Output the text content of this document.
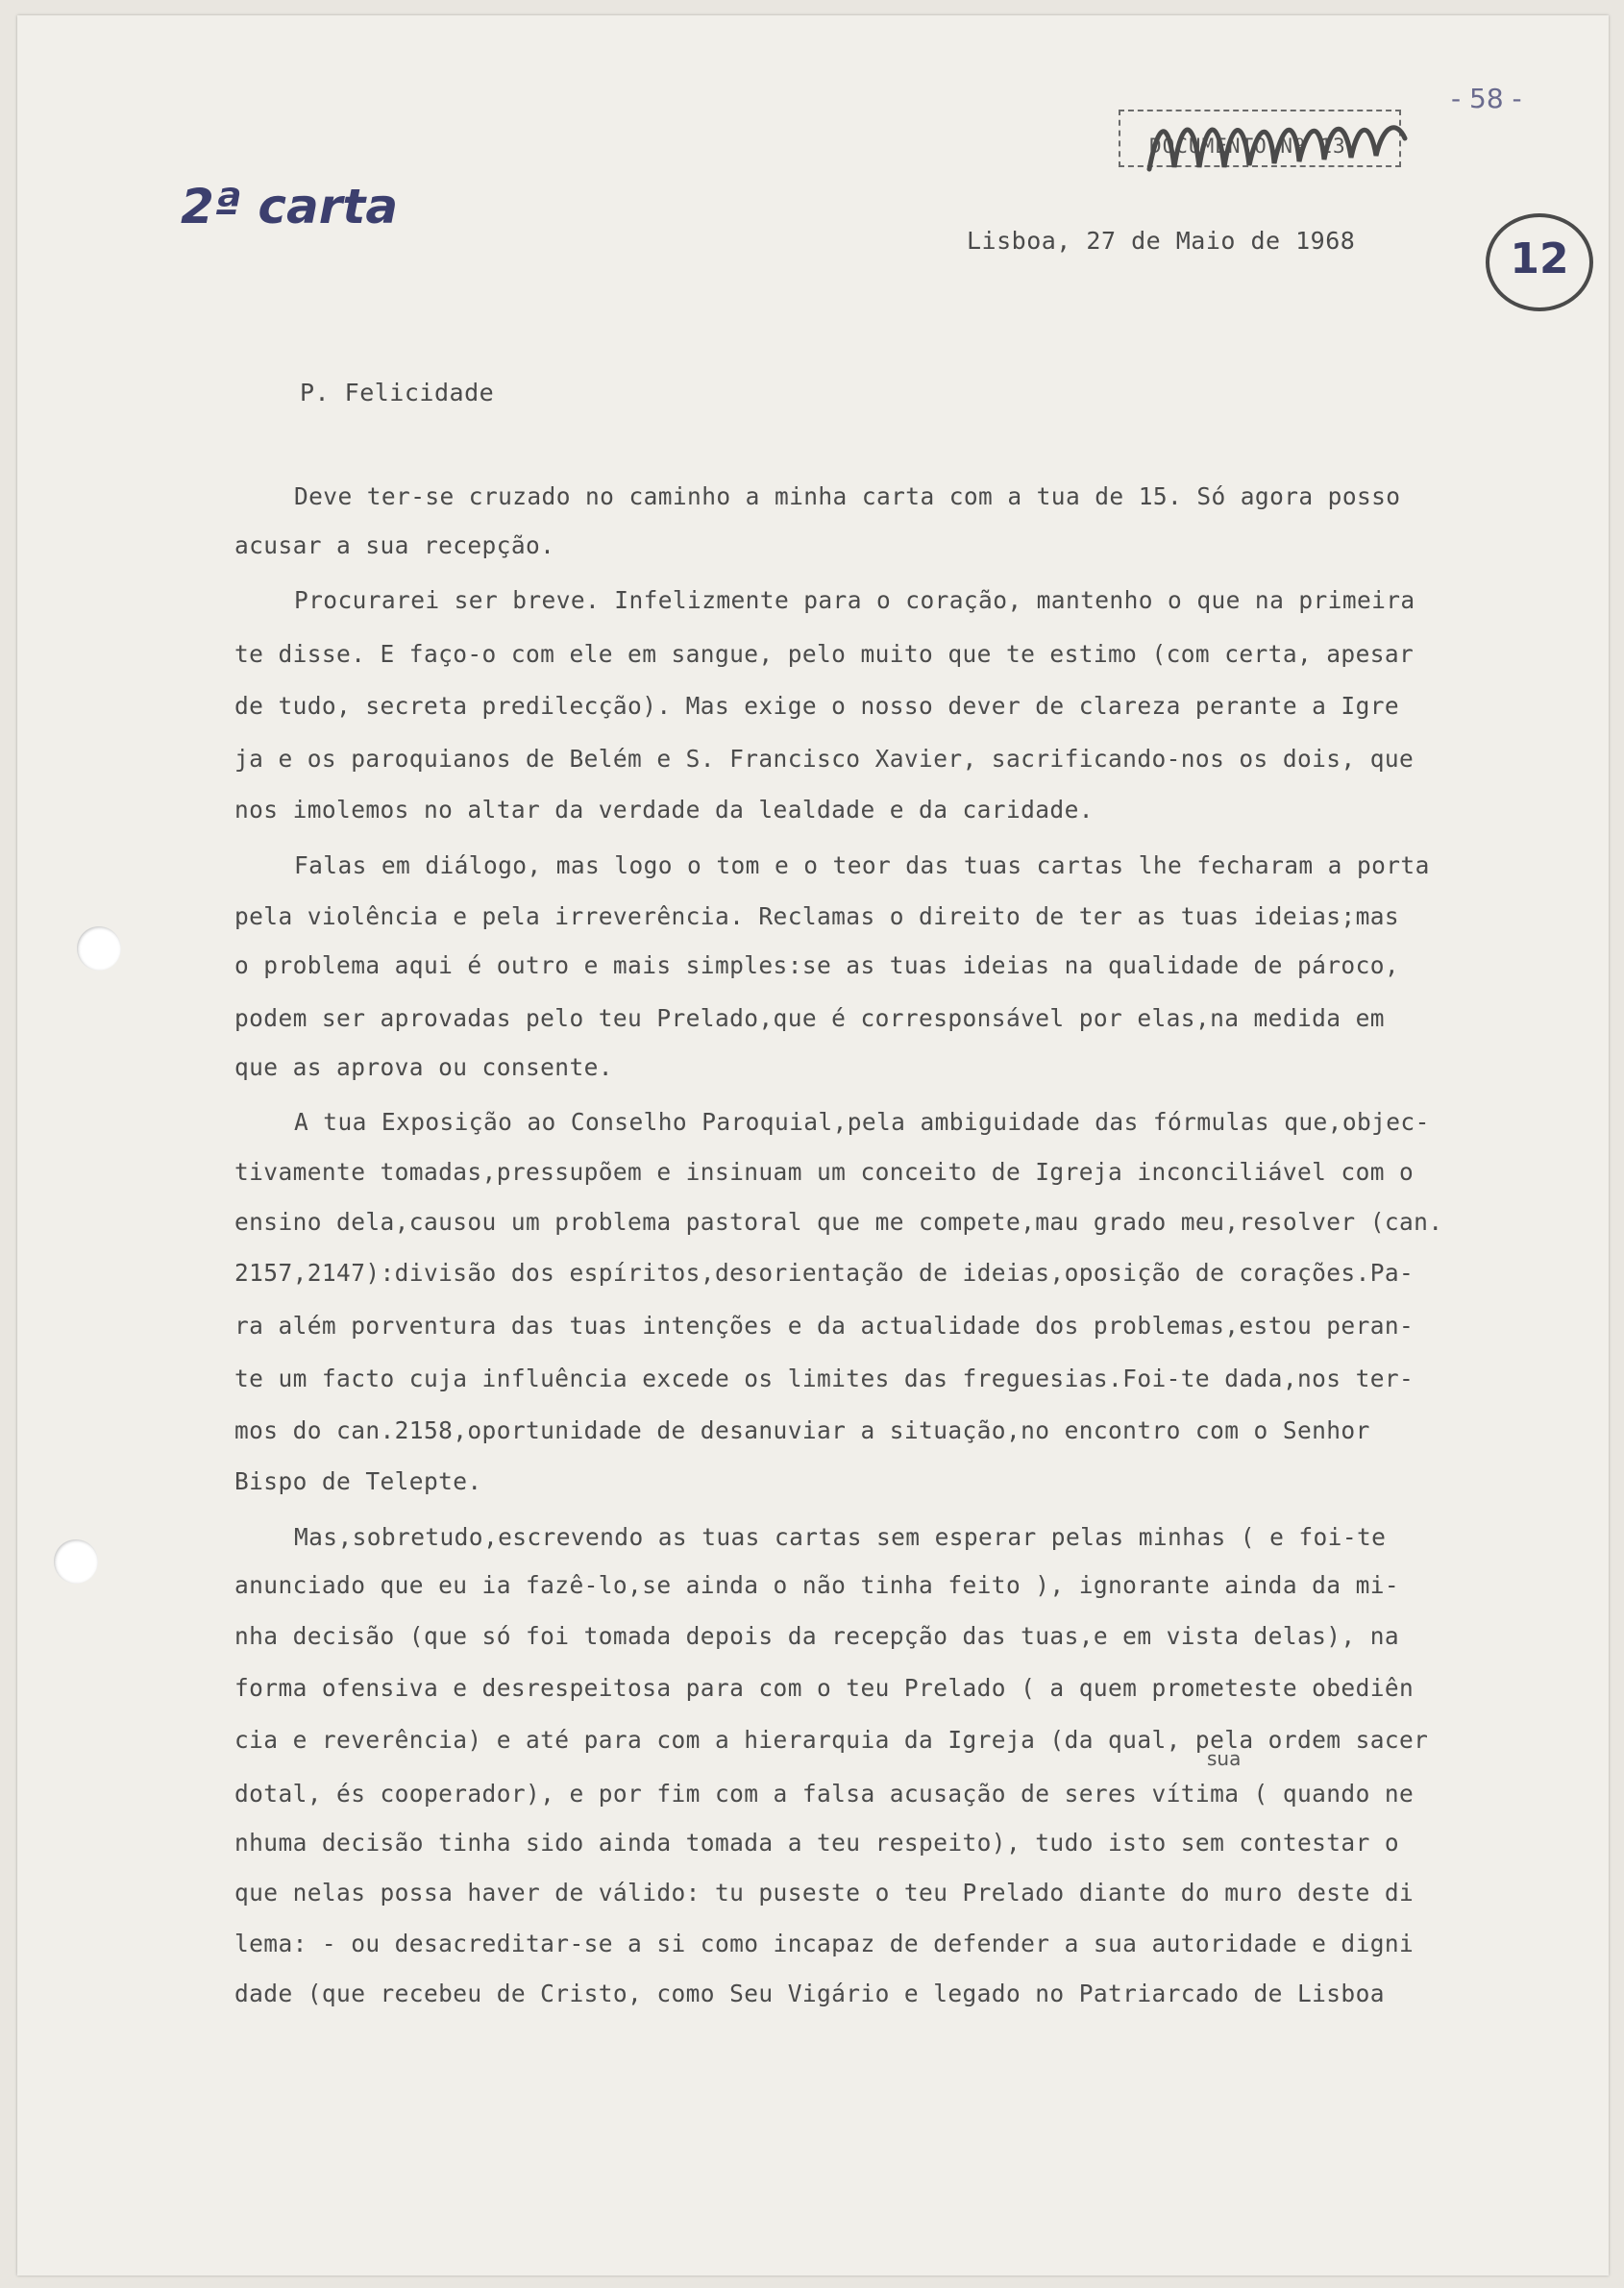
2ª carta
- 58 -
DOCUMENTO Nº 13
12
Lisboa, 27 de Maio de 1968
P. Felicidade
Deve ter-se cruzado no caminho a minha carta com a tua de 15. Só agora posso
acusar a sua recepção.
Procurarei ser breve. Infelizmente para o coração, mantenho o que na primeira
te disse. E faço-o com ele em sangue, pelo muito que te estimo (com certa, apesar
de tudo, secreta predilecção). Mas exige o nosso dever de clareza perante a Igre
ja e os paroquianos de Belém e S. Francisco Xavier, sacrificando-nos os dois, que
nos imolemos no altar da verdade da lealdade e da caridade.
Falas em diálogo, mas logo o tom e o teor das tuas cartas lhe fecharam a porta
pela violência e pela irreverência. Reclamas o direito de ter as tuas ideias;mas
o problema aqui é outro e mais simples:se as tuas ideias na qualidade de pároco,
podem ser aprovadas pelo teu Prelado,que é corresponsável por elas,na medida em
que as aprova ou consente.
A tua Exposição ao Conselho Paroquial,pela ambiguidade das fórmulas que,objec-
tivamente tomadas,pressupõem e insinuam um conceito de Igreja inconciliável com o
ensino dela,causou um problema pastoral que me compete,mau grado meu,resolver (can.
2157,2147):divisão dos espíritos,desorientação de ideias,oposição de corações.Pa-
ra além porventura das tuas intenções e da actualidade dos problemas,estou peran-
te um facto cuja influência excede os limites das freguesias.Foi-te dada,nos ter-
mos do can.2158,oportunidade de desanuviar a situação,no encontro com o Senhor
Bispo de Telepte.
Mas,sobretudo,escrevendo as tuas cartas sem esperar pelas minhas ( e foi-te
anunciado que eu ia fazê-lo,se ainda o não tinha feito ), ignorante ainda da mi-
nha decisão (que só foi tomada depois da recepção das tuas,e em vista delas), na
forma ofensiva e desrespeitosa para com o teu Prelado ( a quem prometeste obediên
cia e reverência) e até para com a hierarquia da Igreja (da qual, pela ordem sacer
dotal, és cooperador), e por fim com a falsa acusação de seres vítima ( quando ne
nhuma decisão tinha sido ainda tomada a teu respeito), tudo isto sem contestar o
que nelas possa haver de válido: tu puseste o teu Prelado diante do muro deste di
lema: - ou desacreditar-se a si como incapaz de defender a sua autoridade e digni
dade (que recebeu de Cristo, como Seu Vigário e legado no Patriarcado de Lisboa
sua
